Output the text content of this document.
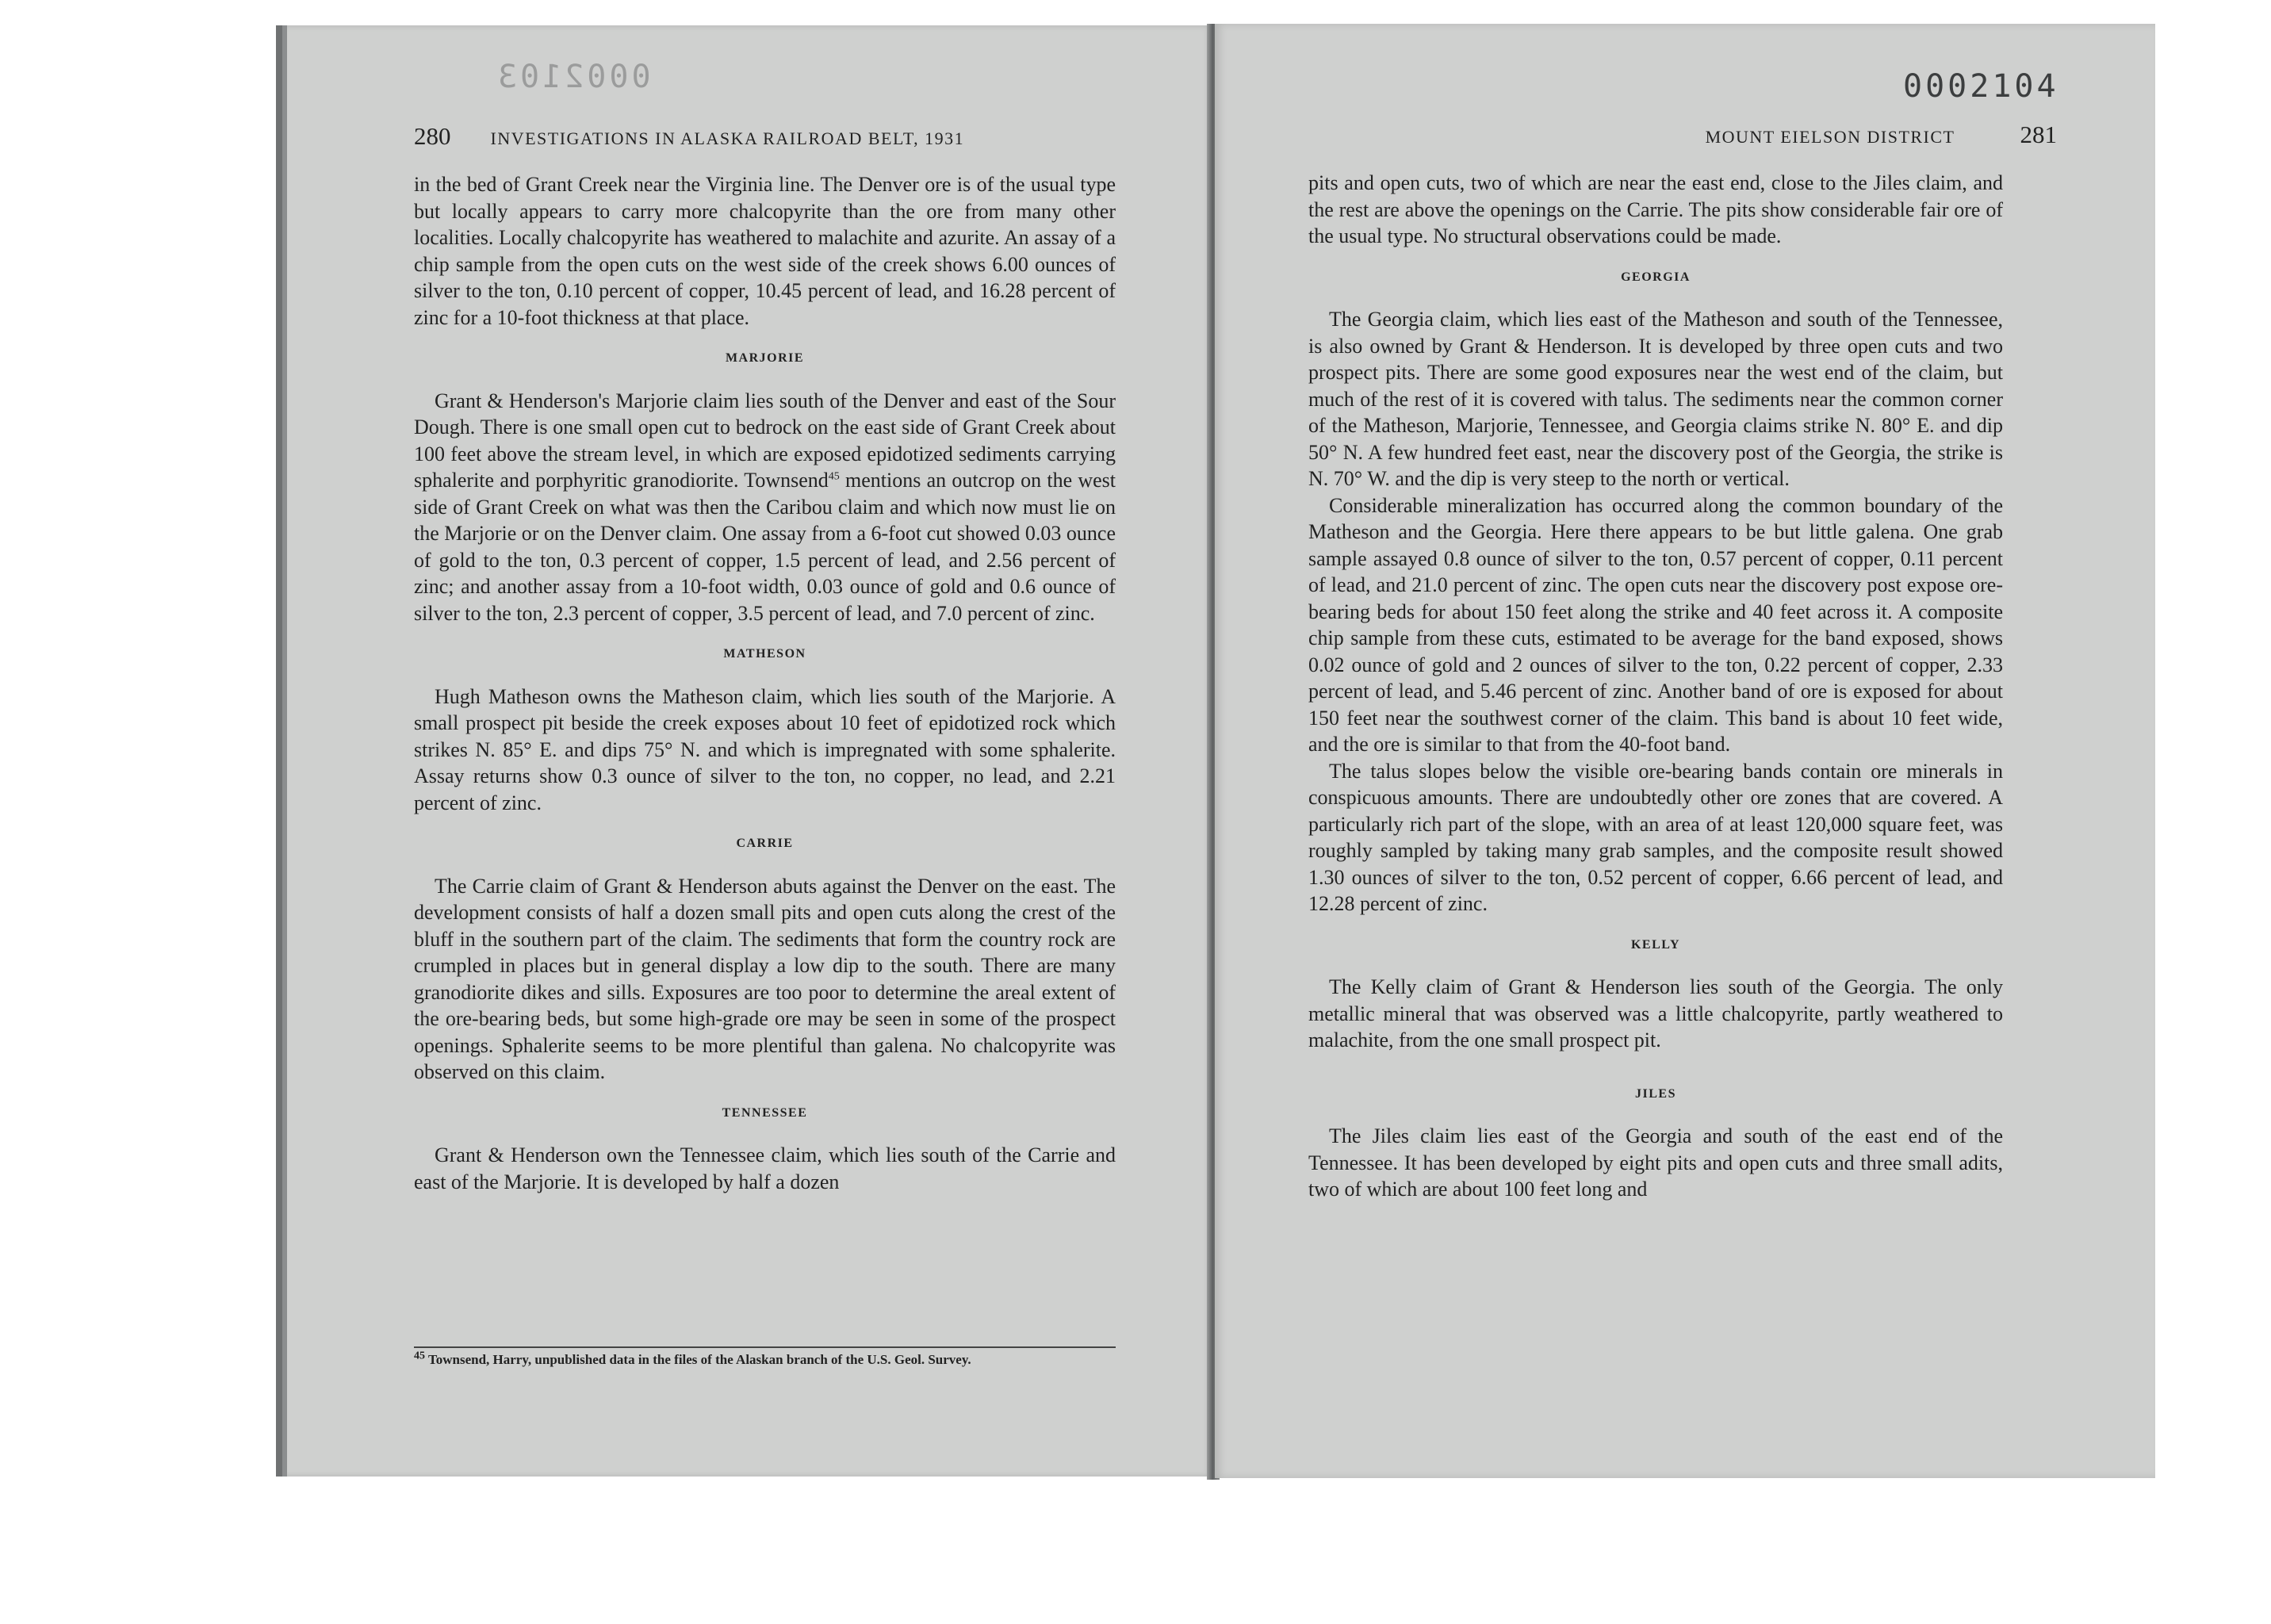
0002103
280 INVESTIGATIONS IN ALASKA RAILROAD BELT, 1931

in the bed of Grant Creek near the Virginia line. The Denver ore is of the usual type but locally appears to carry more chalcopyrite than the ore from many other localities. Locally chalcopyrite has weathered to malachite and azurite. An assay of a chip sample from the open cuts on the west side of the creek shows 6.00 ounces of silver to the ton, 0.10 percent of copper, 10.45 percent of lead, and 16.28 percent of zinc for a 10-foot thickness at that place.

MARJORIE

Grant & Henderson's Marjorie claim lies south of the Denver and east of the Sour Dough. There is one small open cut to bedrock on the east side of Grant Creek about 100 feet above the stream level, in which are exposed epidotized sediments carrying sphalerite and porphyritic granodiorite. Townsend$^{45}$ mentions an outcrop on the west side of Grant Creek on what was then the Caribou claim and which now must lie on the Marjorie or on the Denver claim. One assay from a 6-foot cut showed 0.03 ounce of gold to the ton, 0.3 percent of copper, 1.5 percent of lead, and 2.56 percent of zinc; and another assay from a 10-foot width, 0.03 ounce of gold and 0.6 ounce of silver to the ton, 2.3 percent of copper, 3.5 percent of lead, and 7.0 percent of zinc.

MATHESON

Hugh Matheson owns the Matheson claim, which lies south of the Marjorie. A small prospect pit beside the creek exposes about 10 feet of epidotized rock which strikes N. 85° E. and dips 75° N. and which is impregnated with some sphalerite. Assay returns show 0.3 ounce of silver to the ton, no copper, no lead, and 2.21 percent of zinc.

CARRIE

The Carrie claim of Grant & Henderson abuts against the Denver on the east. The development consists of half a dozen small pits and open cuts along the crest of the bluff in the southern part of the claim. The sediments that form the country rock are crumpled in places but in general display a low dip to the south. There are many granodiorite dikes and sills. Exposures are too poor to determine the areal extent of the ore-bearing beds, but some high-grade ore may be seen in some of the prospect openings. Sphalerite seems to be more plentiful than galena. No chalcopyrite was observed on this claim.

TENNESSEE

Grant & Henderson own the Tennessee claim, which lies south of the Carrie and east of the Marjorie. It is developed by half a dozen

$^{45}$ Townsend, Harry, unpublished data in the files of the Alaskan branch of the U.S. Geol. Survey.
0002104
MOUNT EIELSON DISTRICT	281

pits and open cuts, two of which are near the east end, close to the Jiles claim, and the rest are above the openings on the Carrie. The pits show considerable fair ore of the usual type. No structural observations could be made.

GEORGIA

The Georgia claim, which lies east of the Matheson and south of the Tennessee, is also owned by Grant & Henderson. It is developed by three open cuts and two prospect pits. There are some good exposures near the west end of the claim, but much of the rest of it is covered with talus. The sediments near the common corner of the Matheson, Marjorie, Tennessee, and Georgia claims strike N. 80° E. and dip 50° N. A few hundred feet east, near the discovery post of the Georgia, the strike is N. 70° W. and the dip is very steep to the north or vertical.

Considerable mineralization has occurred along the common boundary of the Matheson and the Georgia. Here there appears to be but little galena. One grab sample assayed 0.8 ounce of silver to the ton, 0.57 percent of copper, 0.11 percent of lead, and 21.0 percent of zinc. The open cuts near the discovery post expose ore-bearing beds for about 150 feet along the strike and 40 feet across it. A composite chip sample from these cuts, estimated to be average for the band exposed, shows 0.02 ounce of gold and 2 ounces of silver to the ton, 0.22 percent of copper, 2.33 percent of lead, and 5.46 percent of zinc. Another band of ore is exposed for about 150 feet near the southwest corner of the claim. This band is about 10 feet wide, and the ore is similar to that from the 40-foot band.

The talus slopes below the visible ore-bearing bands contain ore minerals in conspicuous amounts. There are undoubtedly other ore zones that are covered. A particularly rich part of the slope, with an area of at least 120,000 square feet, was roughly sampled by taking many grab samples, and the composite result showed 1.30 ounces of silver to the ton, 0.52 percent of copper, 6.66 percent of lead, and 12.28 percent of zinc.

KELLY

The Kelly claim of Grant & Henderson lies south of the Georgia. The only metallic mineral that was observed was a little chalcopyrite, partly weathered to malachite, from the one small prospect pit.

JILES

The Jiles claim lies east of the Georgia and south of the east end of the Tennessee. It has been developed by eight pits and open cuts and three small adits, two of which are about 100 feet long and
